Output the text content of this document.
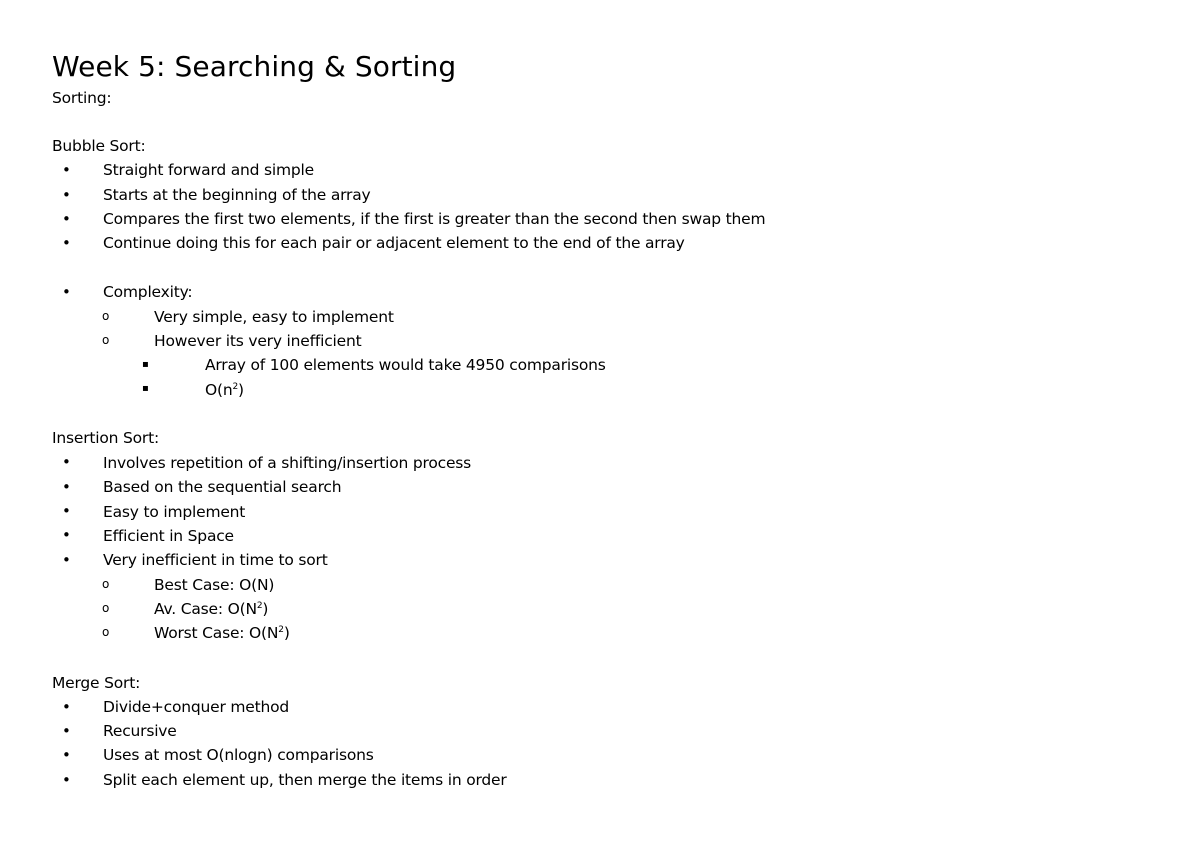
Week 5: Searching & Sorting
Sorting:
Bubble Sort:
• Straight forward and simple
• Starts at the beginning of the array
• Compares the first two elements, if the first is greater than the second then swap them
• Continue doing this for each pair or adjacent element to the end of the array
• Complexity:
o	Very simple, easy to implement
o	However its very inefficient
▪	Array of 100 elements would take 4950 comparisons
▪	$O(n^2)$
Insertion Sort:
• Involves repetition of a shifting/insertion process
• Based on the sequential search
• Easy to implement
• Efficient in Space
• Very inefficient in time to sort
o	Best Case: O(N)
o	Av. Case: $O(N^2)$
o	Worst Case: $O(N^2)$
Merge Sort:
• Divide+conquer method
• Recursive
• Uses at most O(nlogn) comparisons
• Split each element up, then merge the items in order
